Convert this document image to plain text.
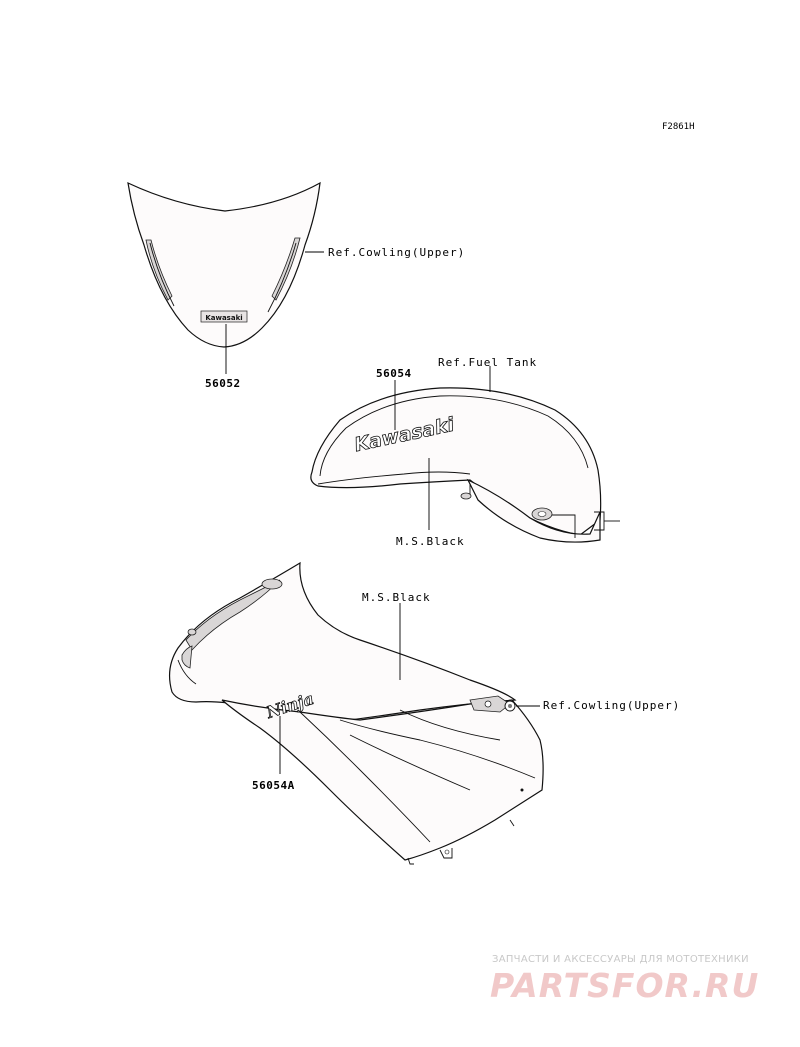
F2861H
Kawasaki
Ref.Cowling(Upper)
56052
Kawasaki
Ref.Fuel Tank
56054
M.S.Black
Ninja
M.S.Black
Ref.Cowling(Upper)
56054A
ЗАПЧАСТИ И АКСЕССУАРЫ ДЛЯ МОТОТЕХНИКИ
PARTSFOR.RU
